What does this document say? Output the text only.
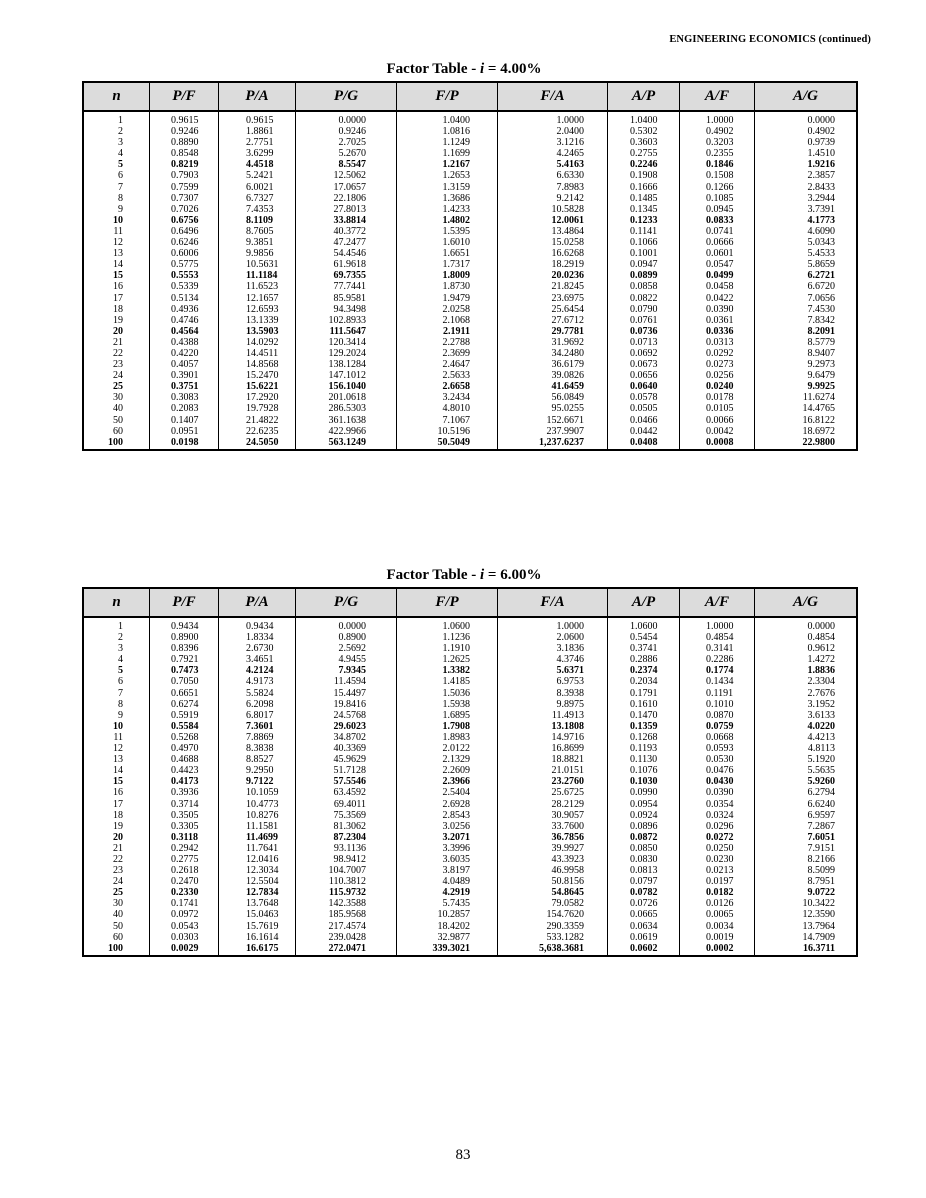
ENGINEERING ECONOMICS (continued)
Factor Table - i = 4.00%
n	P/F	P/A	P/G	F/P	F/A	A/P	A/F	A/G
1	0.9615	0.9615	0.0000	1.0400	1.0000	1.0400	1.0000	0.0000
2	0.9246	1.8861	0.9246	1.0816	2.0400	0.5302	0.4902	0.4902
3	0.8890	2.7751	2.7025	1.1249	3.1216	0.3603	0.3203	0.9739
4	0.8548	3.6299	5.2670	1.1699	4.2465	0.2755	0.2355	1.4510
5	0.8219	4.4518	8.5547	1.2167	5.4163	0.2246	0.1846	1.9216
6	0.7903	5.2421	12.5062	1.2653	6.6330	0.1908	0.1508	2.3857
7	0.7599	6.0021	17.0657	1.3159	7.8983	0.1666	0.1266	2.8433
8	0.7307	6.7327	22.1806	1.3686	9.2142	0.1485	0.1085	3.2944
9	0.7026	7.4353	27.8013	1.4233	10.5828	0.1345	0.0945	3.7391
10	0.6756	8.1109	33.8814	1.4802	12.0061	0.1233	0.0833	4.1773
11	0.6496	8.7605	40.3772	1.5395	13.4864	0.1141	0.0741	4.6090
12	0.6246	9.3851	47.2477	1.6010	15.0258	0.1066	0.0666	5.0343
13	0.6006	9.9856	54.4546	1.6651	16.6268	0.1001	0.0601	5.4533
14	0.5775	10.5631	61.9618	1.7317	18.2919	0.0947	0.0547	5.8659
15	0.5553	11.1184	69.7355	1.8009	20.0236	0.0899	0.0499	6.2721
16	0.5339	11.6523	77.7441	1.8730	21.8245	0.0858	0.0458	6.6720
17	0.5134	12.1657	85.9581	1.9479	23.6975	0.0822	0.0422	7.0656
18	0.4936	12.6593	94.3498	2.0258	25.6454	0.0790	0.0390	7.4530
19	0.4746	13.1339	102.8933	2.1068	27.6712	0.0761	0.0361	7.8342
20	0.4564	13.5903	111.5647	2.1911	29.7781	0.0736	0.0336	8.2091
21	0.4388	14.0292	120.3414	2.2788	31.9692	0.0713	0.0313	8.5779
22	0.4220	14.4511	129.2024	2.3699	34.2480	0.0692	0.0292	8.9407
23	0.4057	14.8568	138.1284	2.4647	36.6179	0.0673	0.0273	9.2973
24	0.3901	15.2470	147.1012	2.5633	39.0826	0.0656	0.0256	9.6479
25	0.3751	15.6221	156.1040	2.6658	41.6459	0.0640	0.0240	9.9925
30	0.3083	17.2920	201.0618	3.2434	56.0849	0.0578	0.0178	11.6274
40	0.2083	19.7928	286.5303	4.8010	95.0255	0.0505	0.0105	14.4765
50	0.1407	21.4822	361.1638	7.1067	152.6671	0.0466	0.0066	16.8122
60	0.0951	22.6235	422.9966	10.5196	237.9907	0.0442	0.0042	18.6972
100	0.0198	24.5050	563.1249	50.5049	1,237.6237	0.0408	0.0008	22.9800
Factor Table - i = 6.00%
n	P/F	P/A	P/G	F/P	F/A	A/P	A/F	A/G
1	0.9434	0.9434	0.0000	1.0600	1.0000	1.0600	1.0000	0.0000
2	0.8900	1.8334	0.8900	1.1236	2.0600	0.5454	0.4854	0.4854
3	0.8396	2.6730	2.5692	1.1910	3.1836	0.3741	0.3141	0.9612
4	0.7921	3.4651	4.9455	1.2625	4.3746	0.2886	0.2286	1.4272
5	0.7473	4.2124	7.9345	1.3382	5.6371	0.2374	0.1774	1.8836
6	0.7050	4.9173	11.4594	1.4185	6.9753	0.2034	0.1434	2.3304
7	0.6651	5.5824	15.4497	1.5036	8.3938	0.1791	0.1191	2.7676
8	0.6274	6.2098	19.8416	1.5938	9.8975	0.1610	0.1010	3.1952
9	0.5919	6.8017	24.5768	1.6895	11.4913	0.1470	0.0870	3.6133
10	0.5584	7.3601	29.6023	1.7908	13.1808	0.1359	0.0759	4.0220
11	0.5268	7.8869	34.8702	1.8983	14.9716	0.1268	0.0668	4.4213
12	0.4970	8.3838	40.3369	2.0122	16.8699	0.1193	0.0593	4.8113
13	0.4688	8.8527	45.9629	2.1329	18.8821	0.1130	0.0530	5.1920
14	0.4423	9.2950	51.7128	2.2609	21.0151	0.1076	0.0476	5.5635
15	0.4173	9.7122	57.5546	2.3966	23.2760	0.1030	0.0430	5.9260
16	0.3936	10.1059	63.4592	2.5404	25.6725	0.0990	0.0390	6.2794
17	0.3714	10.4773	69.4011	2.6928	28.2129	0.0954	0.0354	6.6240
18	0.3505	10.8276	75.3569	2.8543	30.9057	0.0924	0.0324	6.9597
19	0.3305	11.1581	81.3062	3.0256	33.7600	0.0896	0.0296	7.2867
20	0.3118	11.4699	87.2304	3.2071	36.7856	0.0872	0.0272	7.6051
21	0.2942	11.7641	93.1136	3.3996	39.9927	0.0850	0.0250	7.9151
22	0.2775	12.0416	98.9412	3.6035	43.3923	0.0830	0.0230	8.2166
23	0.2618	12.3034	104.7007	3.8197	46.9958	0.0813	0.0213	8.5099
24	0.2470	12.5504	110.3812	4.0489	50.8156	0.0797	0.0197	8.7951
25	0.2330	12.7834	115.9732	4.2919	54.8645	0.0782	0.0182	9.0722
30	0.1741	13.7648	142.3588	5.7435	79.0582	0.0726	0.0126	10.3422
40	0.0972	15.0463	185.9568	10.2857	154.7620	0.0665	0.0065	12.3590
50	0.0543	15.7619	217.4574	18.4202	290.3359	0.0634	0.0034	13.7964
60	0.0303	16.1614	239.0428	32.9877	533.1282	0.0619	0.0019	14.7909
100	0.0029	16.6175	272.0471	339.3021	5,638.3681	0.0602	0.0002	16.3711
83
